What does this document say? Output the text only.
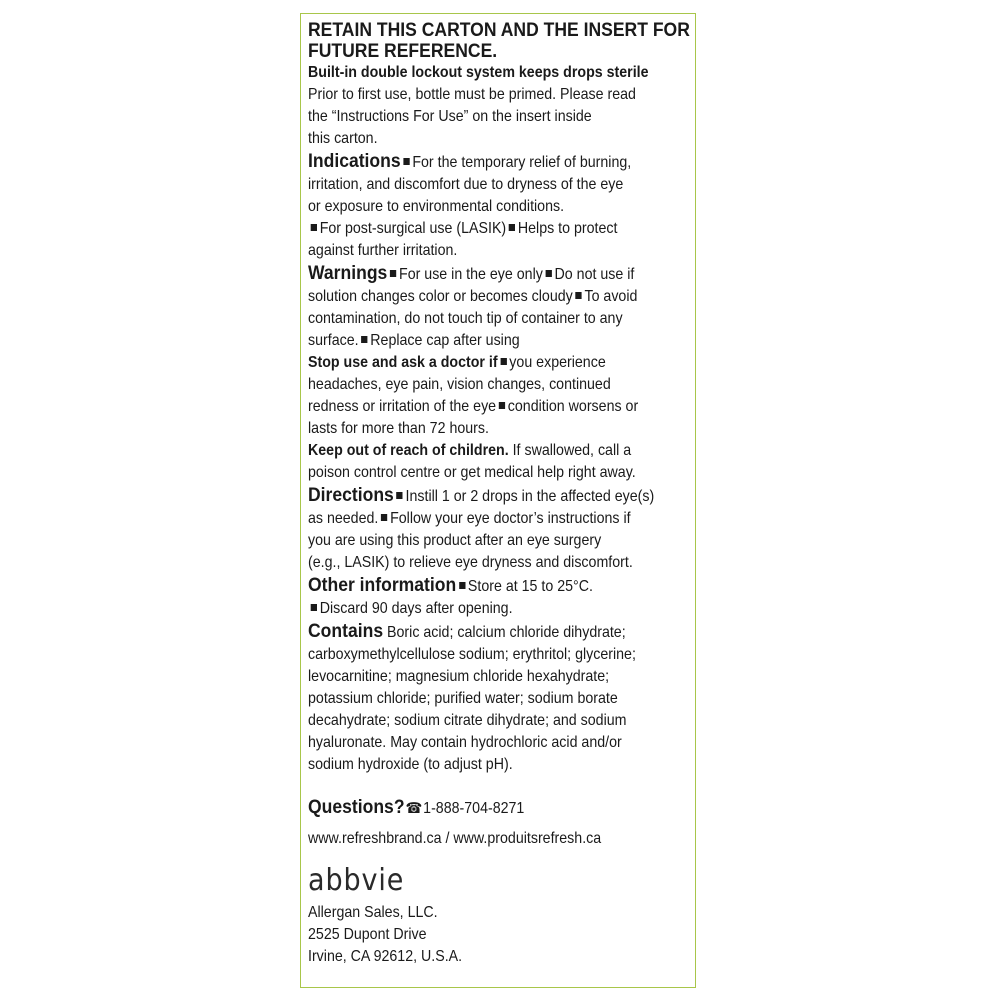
RETAIN THIS CARTON AND THE INSERT FOR
FUTURE REFERENCE.
Built-in double lockout system keeps drops sterile
Prior to first use, bottle must be primed. Please read
the “Instructions For Use” on the insert inside
this carton.
Indications For the temporary relief of burning,
irritation, and discomfort due to dryness of the eye
or exposure to environmental conditions.
For post-surgical use (LASIK) Helps to protect
against further irritation.
Warnings For use in the eye only Do not use if
solution changes color or becomes cloudy To avoid
contamination, do not touch tip of container to any
surface. Replace cap after using
Stop use and ask a doctor if you experience
headaches, eye pain, vision changes, continued
redness or irritation of the eye condition worsens or
lasts for more than 72 hours.
Keep out of reach of children. If swallowed, call a
poison control centre or get medical help right away.
Directions Instill 1 or 2 drops in the affected eye(s)
as needed. Follow your eye doctor’s instructions if
you are using this product after an eye surgery
(e.g., LASIK) to relieve eye dryness and discomfort.
Other information Store at 15 to 25°C.
Discard 90 days after opening.
Contains Boric acid; calcium chloride dihydrate;
carboxymethylcellulose sodium; erythritol; glycerine;
levocarnitine; magnesium chloride hexahydrate;
potassium chloride; purified water; sodium borate
decahydrate; sodium citrate dihydrate; and sodium
hyaluronate. May contain hydrochloric acid and/or
sodium hydroxide (to adjust pH).
Questions?☎1-888-704-8271
www.refreshbrand.ca / www.produitsrefresh.ca
abbvie
Allergan Sales, LLC.
2525 Dupont Drive
Irvine, CA 92612, U.S.A.
